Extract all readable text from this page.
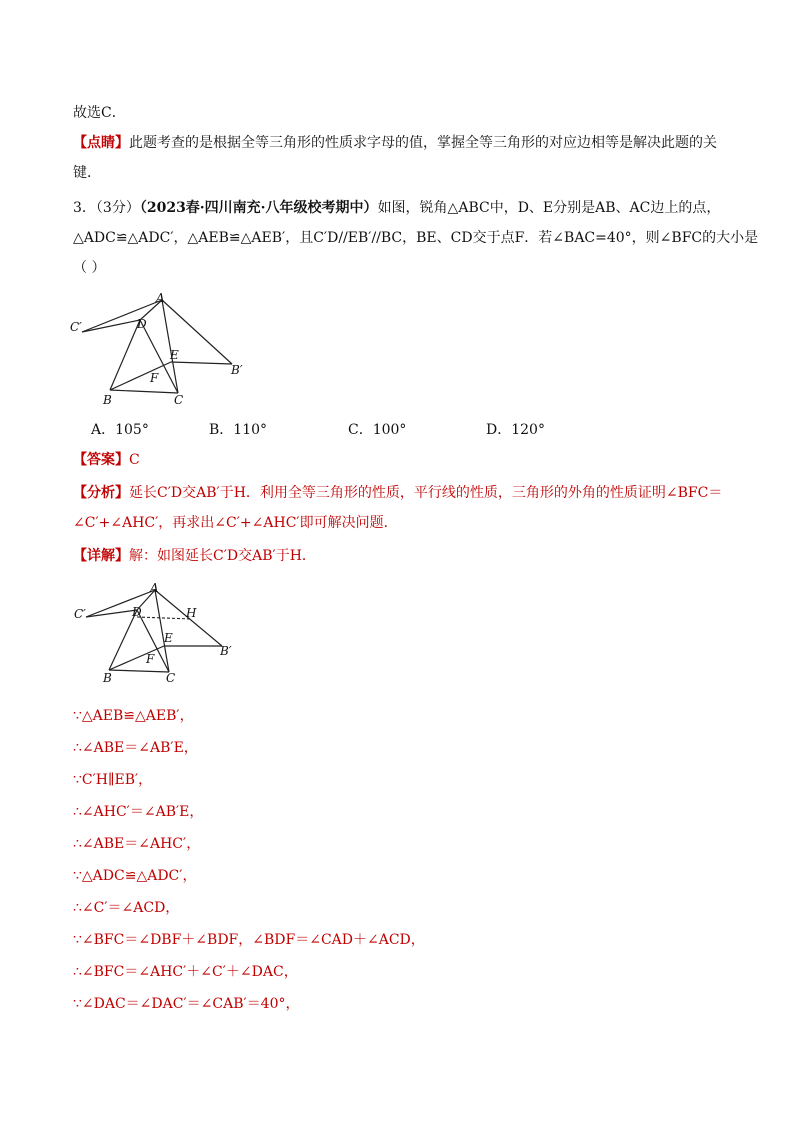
故选C．
【点睛】此题考查的是根据全等三角形的性质求字母的值，掌握全等三角形的对应边相等是解决此题的关
键．
3．（3分）（2023春·四川南充·八年级校考期中）如图，锐角△ABC中，D、E分别是AB、AC边上的点，
△ADC≌△ADC′，△AEB≌△AEB′，且C′D//EB′//BC，BE、CD交于点F．若∠BAC=40°，则∠BFC的大小是
（ ）
A
C′	D
E
F
B	C
B′
A．105°	B．110°	C．100°	D．120°
【答案】C
【分析】延长C′D交AB′于H．利用全等三角形的性质，平行线的性质，三角形的外角的性质证明∠BFC＝
∠C′+∠AHC′，再求出∠C′+∠AHC′即可解决问题．
【详解】解：如图延长C′D交AB′于H．
A
C′	D	H
E
F
B	C
B′
∵△AEB≌△AEB′，
∴∠ABE＝∠AB′E，
∵C′H∥EB′，
∴∠AHC′＝∠AB′E，
∴∠ABE＝∠AHC′，
∵△ADC≌△ADC′，
∴∠C′＝∠ACD，
∵∠BFC＝∠DBF＋∠BDF，∠BDF＝∠CAD＋∠ACD，
∴∠BFC＝∠AHC′＋∠C′＋∠DAC，
∵∠DAC＝∠DAC′＝∠CAB′＝40°，
